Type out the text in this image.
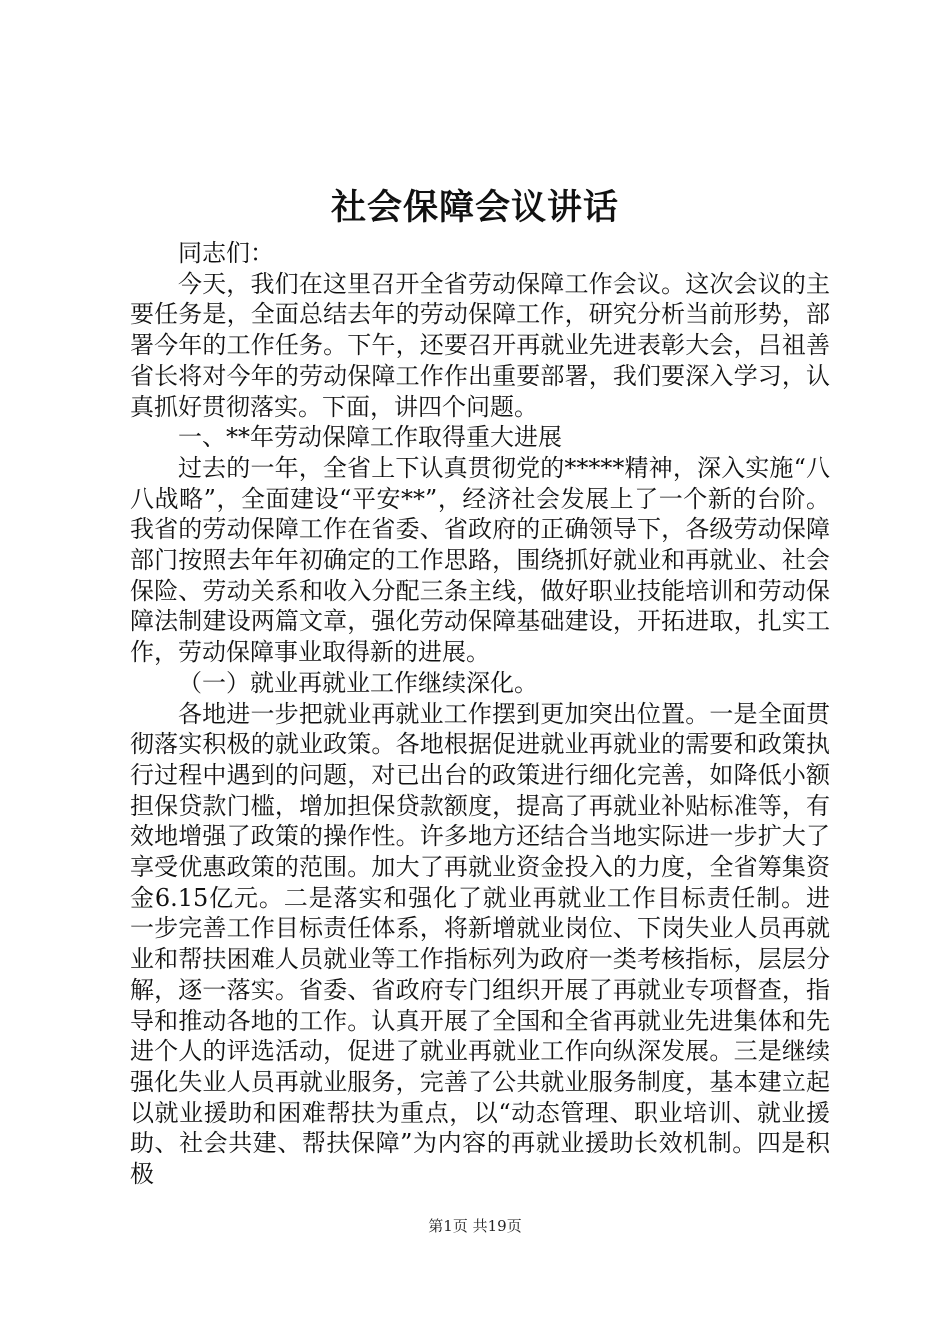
社会保障会议讲话

同志们：

今天，我们在这里召开全省劳动保障工作会议。这次会议的主要任务是，全面总结去年的劳动保障工作，研究分析当前形势，部署今年的工作任务。下午，还要召开再就业先进表彰大会，吕祖善省长将对今年的劳动保障工作作出重要部署，我们要深入学习，认真抓好贯彻落实。下面，讲四个问题。

一、**年劳动保障工作取得重大进展

过去的一年，全省上下认真贯彻党的*****精神，深入实施“八八战略”，全面建设“平安**”，经济社会发展上了一个新的台阶。我省的劳动保障工作在省委、省政府的正确领导下，各级劳动保障部门按照去年年初确定的工作思路，围绕抓好就业和再就业、社会保险、劳动关系和收入分配三条主线，做好职业技能培训和劳动保障法制建设两篇文章，强化劳动保障基础建设，开拓进取，扎实工作，劳动保障事业取得新的进展。

（一）就业再就业工作继续深化。

各地进一步把就业再就业工作摆到更加突出位置。一是全面贯彻落实积极的就业政策。各地根据促进就业再就业的需要和政策执行过程中遇到的问题，对已出台的政策进行细化完善，如降低小额担保贷款门槛，增加担保贷款额度，提高了再就业补贴标准等，有效地增强了政策的操作性。许多地方还结合当地实际进一步扩大了享受优惠政策的范围。加大了再就业资金投入的力度，全省筹集资金6.15亿元。二是落实和强化了就业再就业工作目标责任制。进一步完善工作目标责任体系，将新增就业岗位、下岗失业人员再就业和帮扶困难人员就业等工作指标列为政府一类考核指标，层层分解，逐一落实。省委、省政府专门组织开展了再就业专项督查，指导和推动各地的工作。认真开展了全国和全省再就业先进集体和先进个人的评选活动，促进了就业再就业工作向纵深发展。三是继续强化失业人员再就业服务，完善了公共就业服务制度，基本建立起以就业援助和困难帮扶为重点，以“动态管理、职业培训、就业援助、社会共建、帮扶保障”为内容的再就业援助长效机制。四是积极

第1页 共19页
